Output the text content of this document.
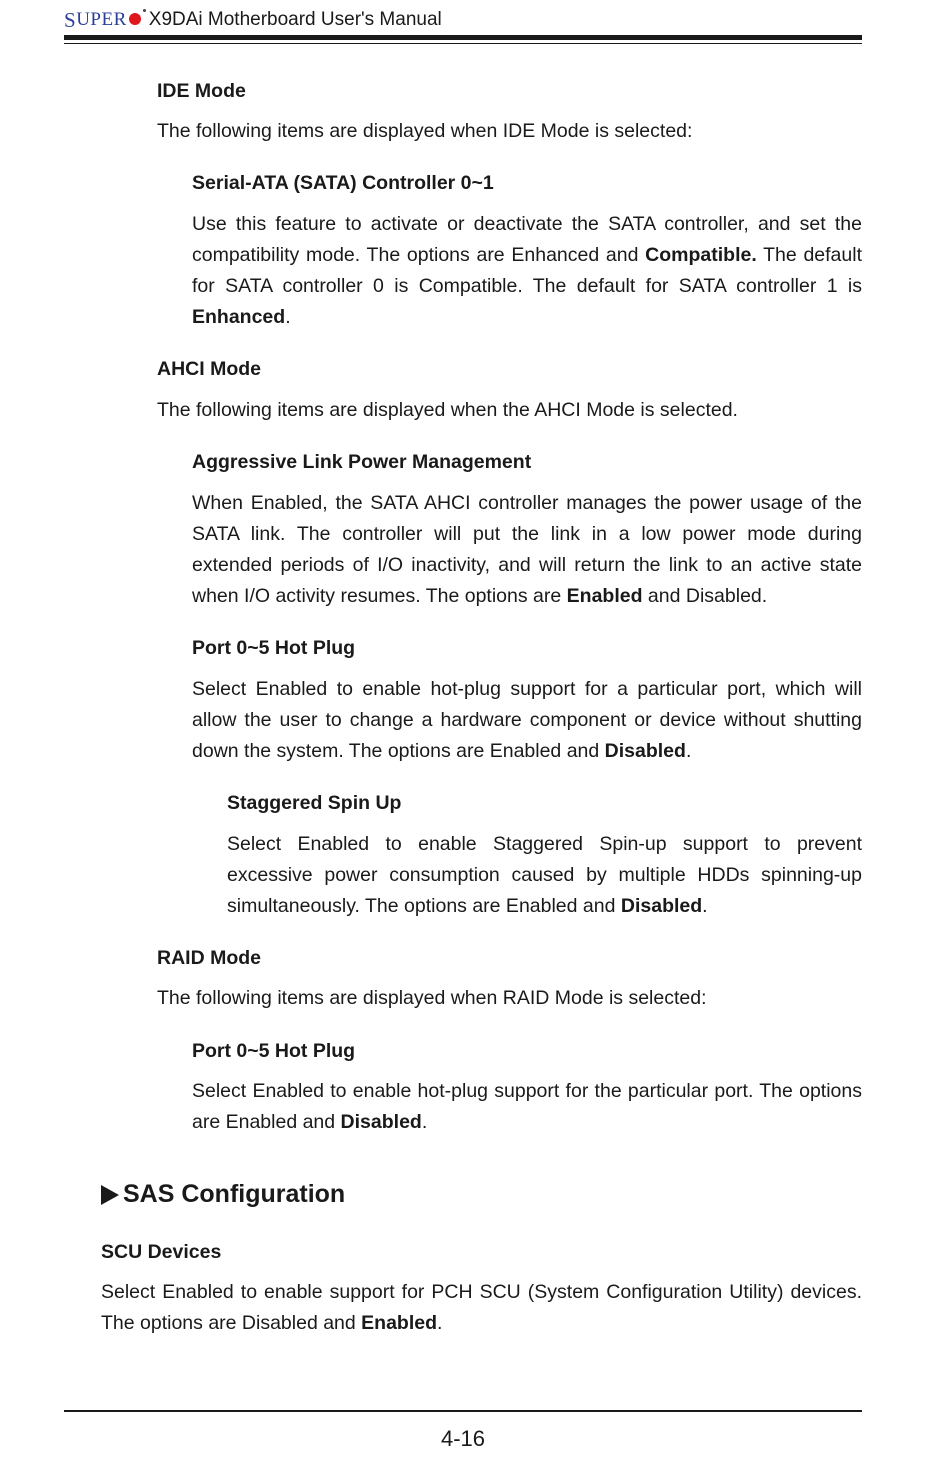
S UPER X9DAi Motherboard User's Manual
IDE Mode

The following items are displayed when IDE Mode is selected:

Serial-ATA (SATA) Controller 0~1

Use this feature to activate or deactivate the SATA controller, and set the compatibility mode. The options are Enhanced and Compatible. The default for SATA controller 0 is Compatible. The default for SATA controller 1 is Enhanced.

AHCI Mode

The following items are displayed when the AHCI Mode is selected.

Aggressive Link Power Management

When Enabled, the SATA AHCI controller manages the power usage of the SATA link. The controller will put the link in a low power mode during extended periods of I/O inactivity, and will return the link to an active state when I/O activity resumes. The options are Enabled and Disabled.

Port 0~5 Hot Plug

Select Enabled to enable hot-plug support for a particular port, which will allow the user to change a hardware component or device without shutting down the system. The options are Enabled and Disabled.

Staggered Spin Up

Select Enabled to enable Staggered Spin-up support to prevent excessive power consumption caused by multiple HDDs spinning-up simultaneously. The options are Enabled and Disabled.

RAID Mode

The following items are displayed when RAID Mode is selected:

Port 0~5 Hot Plug

Select Enabled to enable hot-plug support for the particular port. The options are Enabled and Disabled.

SAS Configuration
SCU Devices

Select Enabled to enable support for PCH SCU (System Configuration Utility) devices. The options are Disabled and Enabled.

4-16
